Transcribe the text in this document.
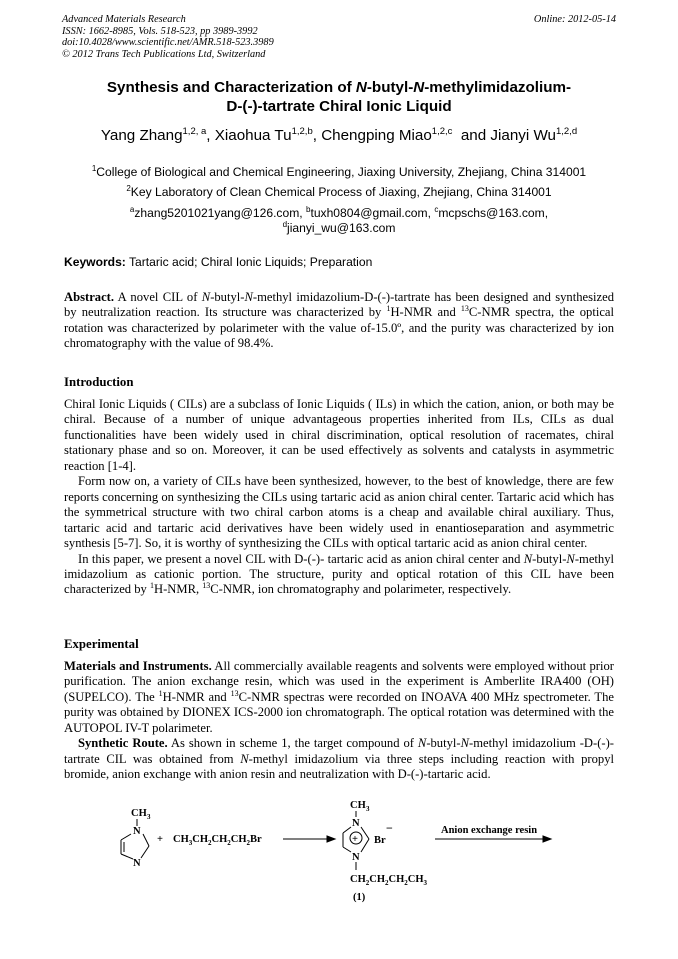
Advanced Materials Research
ISSN: 1662-8985, Vols. 518-523, pp 3989-3992
doi:10.4028/www.scientific.net/AMR.518-523.3989
© 2012 Trans Tech Publications Ltd, Switzerland
Online: 2012-05-14
Synthesis and Characterization of N-butyl-N-methylimidazolium-
D-(-)-tartrate Chiral Ionic Liquid
Yang Zhang$^{1,2, a}$, Xiaohua Tu$^{1,2,b}$, Chengping Miao$^{1,2,c}$  and Jianyi Wu$^{1,2,d}$
$^1$College of Biological and Chemical Engineering, Jiaxing University, Zhejiang, China 314001
$^2$Key Laboratory of Clean Chemical Process of Jiaxing, Zhejiang, China 314001
$^a$zhang5201021yang@126.com, $^b$tuxh0804@gmail.com, $^c$mcpschs@163.com,
$^d$jianyi_wu@163.com
Keywords: Tartaric acid; Chiral Ionic Liquids; Preparation
Abstract. A novel CIL of N-butyl-N-methyl imidazolium-D-(-)-tartrate has been designed and synthesized by neutralization reaction. Its structure was characterized by $^1$H-NMR and $^{13}$C-NMR spectra, the optical rotation was characterized by polarimeter with the value of-15.0º, and the purity was characterized by ion chromatography with the value of 98.4%.
Introduction
Chiral Ionic Liquids ( CILs) are a subclass of Ionic Liquids ( ILs) in which the cation, anion, or both may be chiral. Because of a number of unique advantageous properties inherited from ILs, CILs as dual functionalities have been widely used in chiral discrimination, optical resolution of racemates, chiral stationary phase and so on. Moreover, it can be used effectively as solvents and catalysts in asymmetric reaction [1-4].
Form now on, a variety of CILs have been synthesized, however, to the best of knowledge, there are few reports concerning on synthesizing the CILs using tartaric acid as anion chiral center. Tartaric acid which has the symmetrical structure with two chiral carbon atoms is a cheap and available chiral auxiliary. Thus, tartaric acid and tartaric acid derivatives have been widely used in enantioseparation and asymmetric synthesis [5-7]. So, it is worthy of synthesizing the CILs with optical tartaric acid as anion chiral center.
In this paper, we present a novel CIL with D-(-)- tartaric acid as anion chiral center and N-butyl-N-methyl imidazolium as cationic portion. The structure, purity and optical rotation of this CIL have been characterized by $^1$H-NMR, $^{13}$C-NMR, ion chromatography and polarimeter, respectively.
Experimental
Materials and Instruments. All commercially available reagents and solvents were employed without prior purification. The anion exchange resin, which was used in the experiment is Amberlite IRA400 (OH) (SUPELCO). The $^1$H-NMR and $^{13}$C-NMR spectras were recorded on INOAVA 400 MHz spectrometer. The purity was obtained by DIONEX ICS-2000 ion chromatograph. The optical rotation was determined with the AUTOPOL IV-T polarimeter.
Synthetic Route. As shown in scheme 1, the target compound of N-butyl-N-methyl imidazolium -D-(-)-tartrate CIL was obtained from N-methyl imidazolium via three steps including reaction with propyl bromide, anion exchange with anion resin and neutralization with D-(-)-tartaric acid.
CH 3
N
N
+ $CH_3CH_2CH_2CH_2Br$
CH 3
N
+
N
Br
−
$CH_2CH_2CH_2CH_3$
(1)
Anion exchange resin
